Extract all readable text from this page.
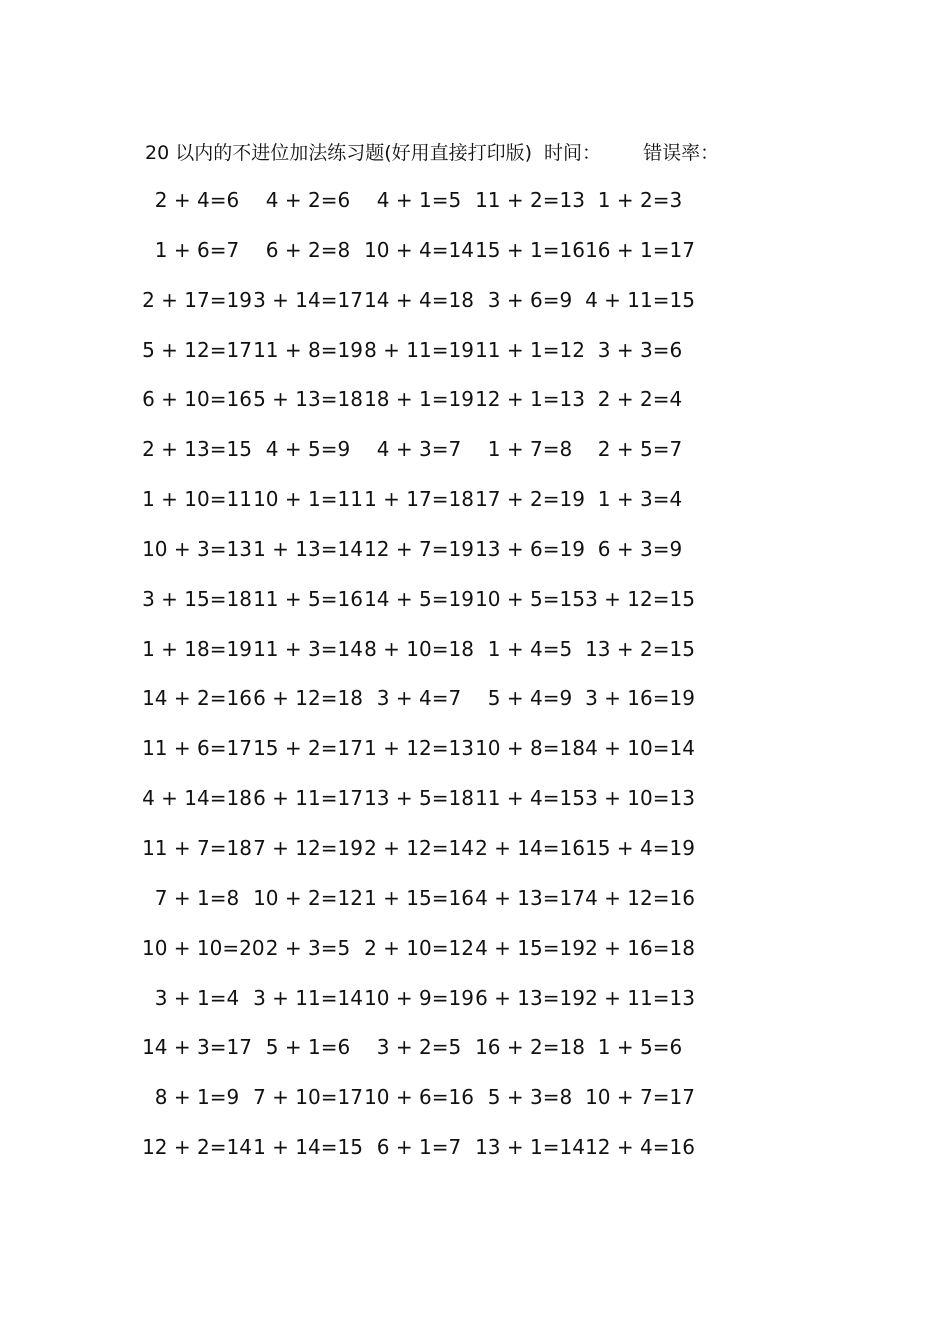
20 以内的不进位加法练习题(好用直接打印版) 时间： 错误率：
2 + 4=6	4 + 2=6	4 + 1=5 11 + 2=13 1 + 2=3
1 + 6=7	6 + 2=8 10 + 4=14 15 + 1=16 16 + 1=17
2 + 17=19 3 + 14=17 14 + 4=18 3 + 6=9 4 + 11=15
5 + 12=17 11 + 8=19 8 + 11=19 11 + 1=12 3 + 3=6
6 + 10=16 5 + 13=18 18 + 1=19 12 + 1=13 2 + 2=4
2 + 13=15 4 + 5=9	4 + 3=7	1 + 7=8	2 + 5=7
1 + 10=11 10 + 1=11 1 + 17=18 17 + 2=19 1 + 3=4
10 + 3=13 1 + 13=14 12 + 7=19 13 + 6=19 6 + 3=9
3 + 15=18 11 + 5=16 14 + 5=19 10 + 5=15 3 + 12=15
1 + 18=19 11 + 3=14 8 + 10=18 1 + 4=5 13 + 2=15
14 + 2=16 6 + 12=18 3 + 4=7	5 + 4=9 3 + 16=19
11 + 6=17 15 + 2=17 1 + 12=13 10 + 8=18 4 + 10=14
4 + 14=18 6 + 11=17 13 + 5=18 11 + 4=15 3 + 10=13
11 + 7=18 7 + 12=19 2 + 12=14 2 + 14=16 15 + 4=19
7 + 1=8 10 + 2=12 1 + 15=16 4 + 13=17 4 + 12=16
10 + 10=20 2 + 3=5 2 + 10=12 4 + 15=19 2 + 16=18
3 + 1=4 3 + 11=14 10 + 9=19 6 + 13=19 2 + 11=13
14 + 3=17 5 + 1=6	3 + 2=5 16 + 2=18 1 + 5=6
8 + 1=9 7 + 10=17 10 + 6=16 5 + 3=8 10 + 7=17
12 + 2=14 1 + 14=15 6 + 1=7 13 + 1=14 12 + 4=16
